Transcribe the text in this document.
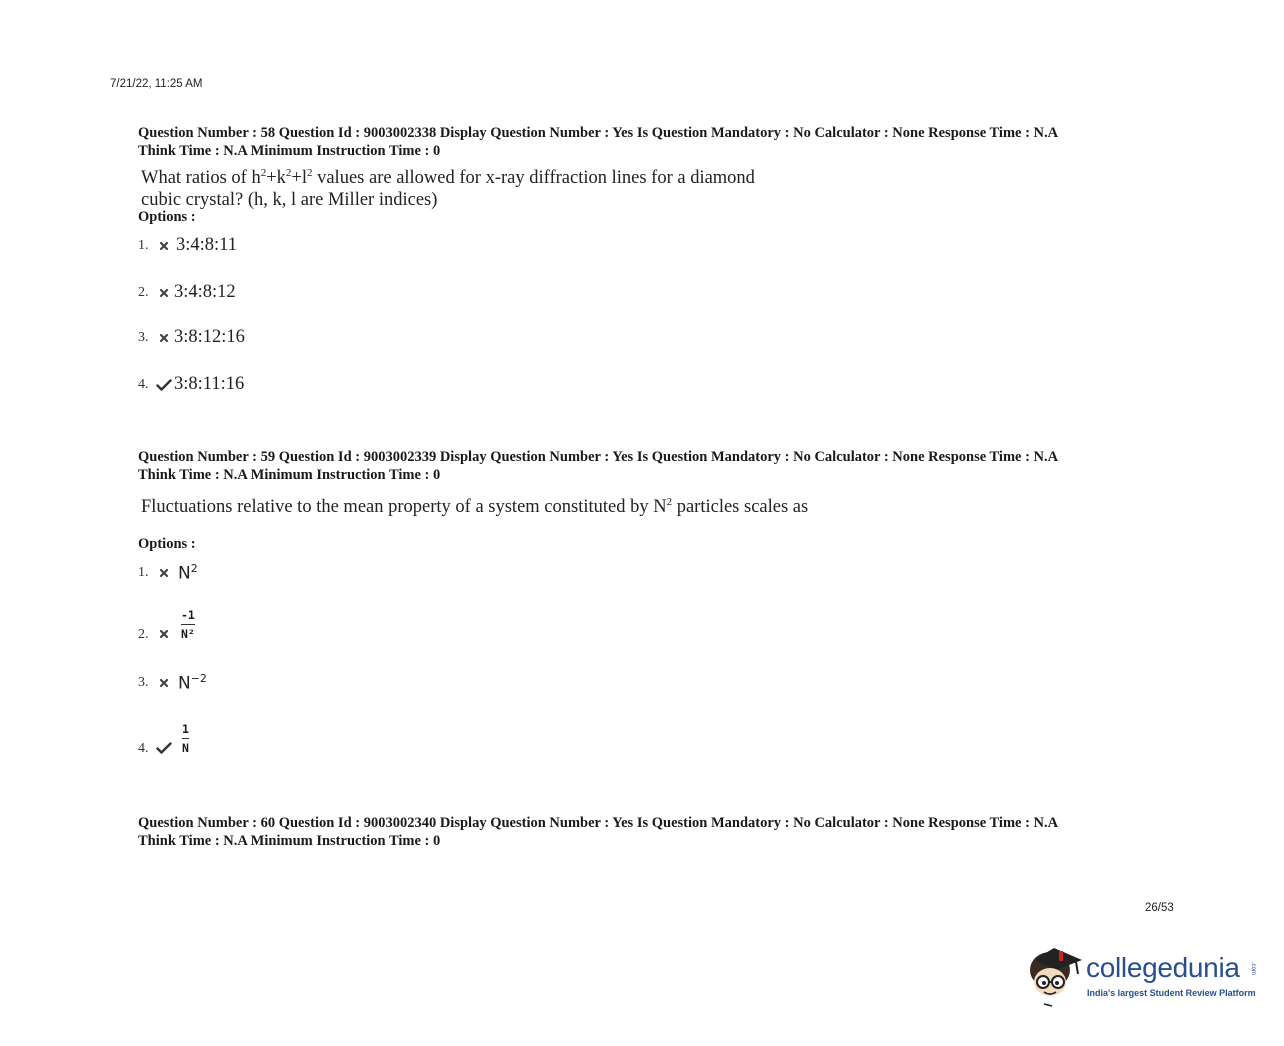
7/21/22, 11:25 AM
Question Number : 58 Question Id : 9003002338 Display Question Number : Yes Is Question Mandatory : No Calculator : None Response Time : N.A
Think Time : N.A Minimum Instruction Time : 0
What ratios of $h^2+k^2+l^2$ values are allowed for x-ray diffraction lines for a diamond
cubic crystal? (h, k, l are Miller indices)
Options :
1.	3:4:8:11
2.	3:4:8:12
3.	3:8:12:16
4.	3:8:11:16
Question Number : 59 Question Id : 9003002339 Display Question Number : Yes Is Question Mandatory : No Calculator : None Response Time : N.A
Think Time : N.A Minimum Instruction Time : 0
Fluctuations relative to the mean property of a system constituted by $N^2$ particles scales as
Options :
1.	$N^2$
2.	$\frac{-1}{\text{N²}}$
3.	$N^{-2}$
4.	$\frac{1}{N}$
Question Number : 60 Question Id : 9003002340 Display Question Number : Yes Is Question Mandatory : No Calculator : None Response Time : N.A
Think Time : N.A Minimum Instruction Time : 0
26/53
collegedunia .com
India's largest Student Review Platform
